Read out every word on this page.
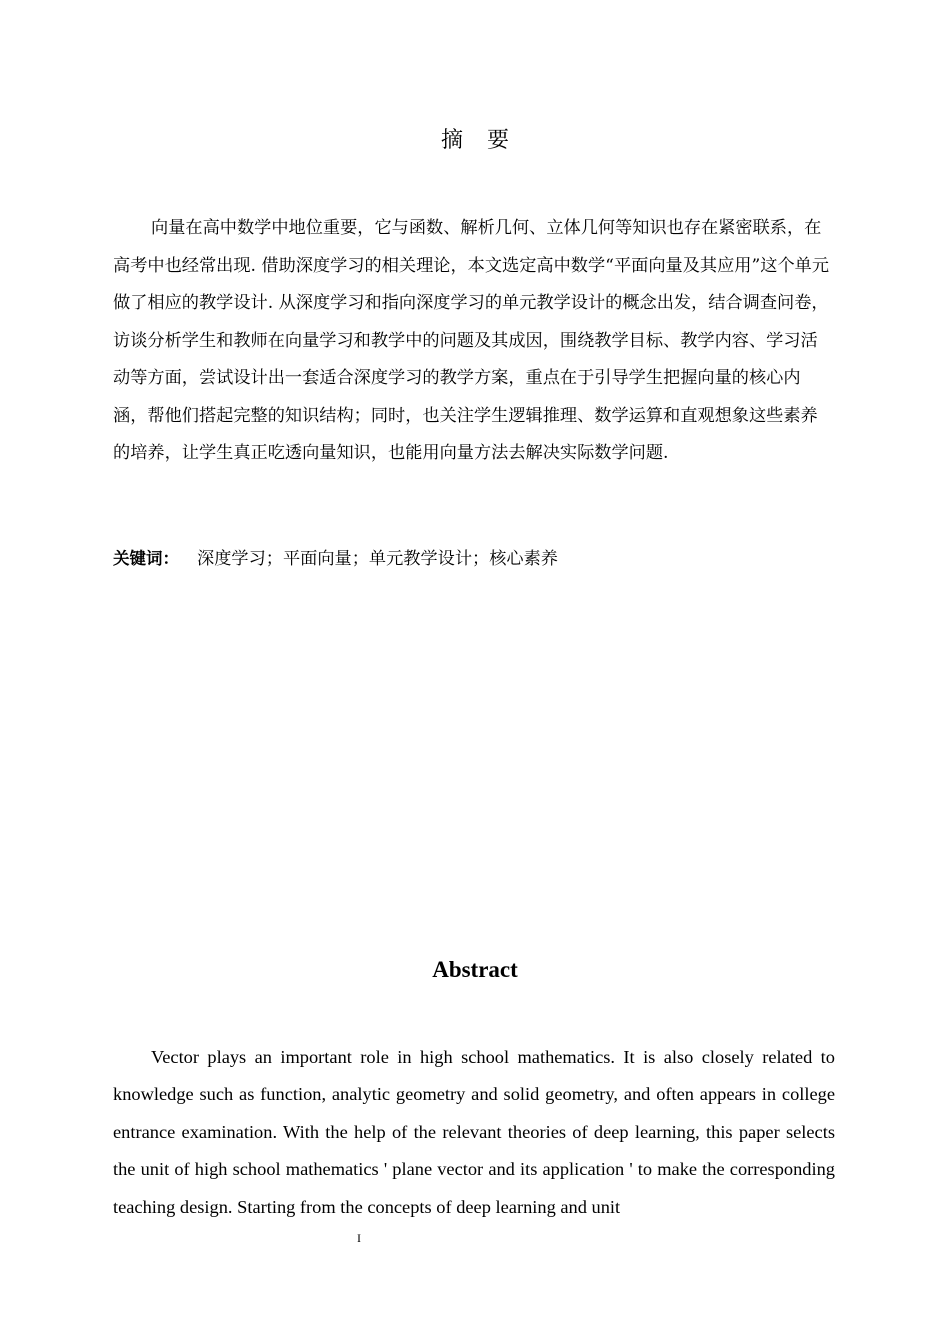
摘要

向量在高中数学中地位重要，它与函数、解析几何、立体几何等知识也存在紧密联系，在高考中也经常出现. 借助深度学习的相关理论，本文选定高中数学“平面向量及其应用”这个单元做了相应的教学设计. 从深度学习和指向深度学习的单元教学设计的概念出发，结合调查问卷，访谈分析学生和教师在向量学习和教学中的问题及其成因，围绕教学目标、教学内容、学习活动等方面，尝试设计出一套适合深度学习的教学方案，重点在于引导学生把握向量的核心内涵，帮他们搭起完整的知识结构；同时，也关注学生逻辑推理、数学运算和直观想象这些素养的培养，让学生真正吃透向量知识，也能用向量方法去解决实际数学问题.

关键词： 深度学习；平面向量；单元教学设计；核心素养
Abstract

Vector plays an important role in high school mathematics. It is also closely related to knowledge such as function, analytic geometry and solid geometry, and often appears in college entrance examination. With the help of the relevant theories of deep learning, this paper selects the unit of high school mathematics ' plane vector and its application ' to make the corresponding teaching design. Starting from the concepts of deep learning and unit

I
